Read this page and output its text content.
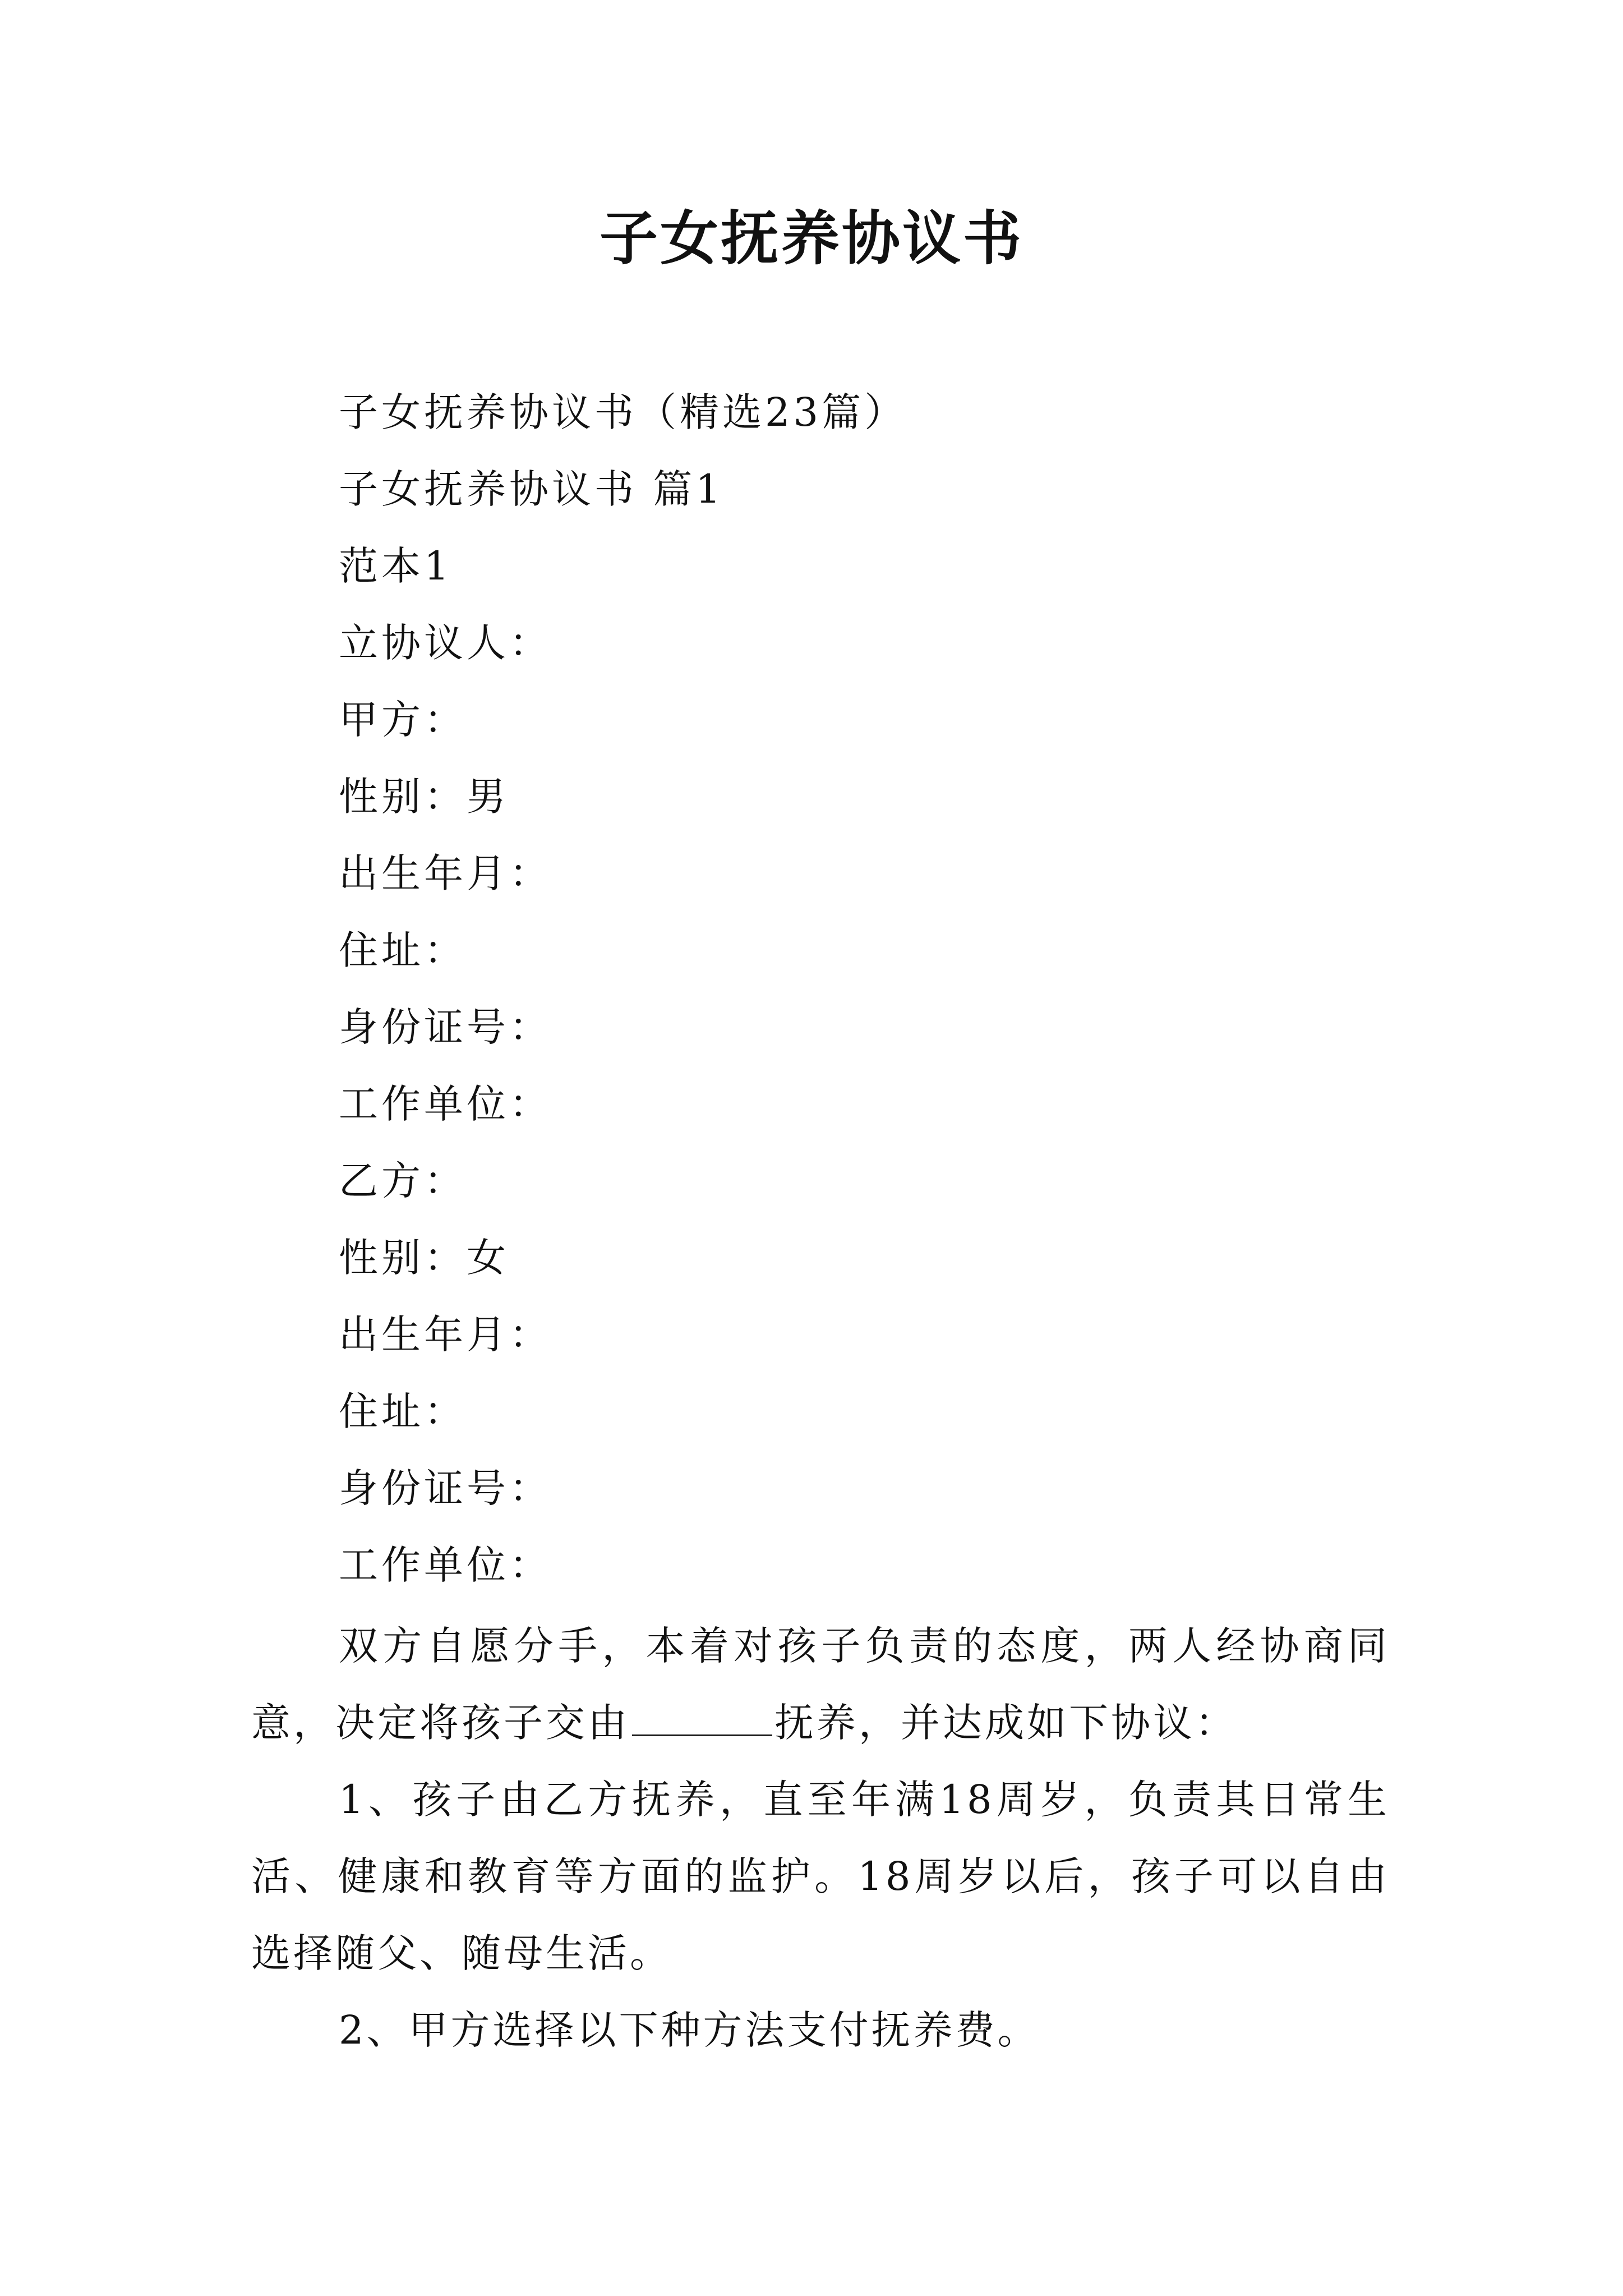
子女抚养协议书
子女抚养协议书（精选23篇）
子女抚养协议书 篇1
范本1
立协议人：
甲方：
性别：男
出生年月：
住址：
身份证号：
工作单位：
乙方：
性别：女
出生年月：
住址：
身份证号：
工作单位：

双方自愿分手，本着对孩子负责的态度，两人经协商同意，决定将孩子交由	抚养，并达成如下协议：

1、孩子由乙方抚养，直至年满18周岁，负责其日常生活、健康和教育等方面的监护。18周岁以后，孩子可以自由选择随父、随母生活。

2、甲方选择以下种方法支付抚养费。
